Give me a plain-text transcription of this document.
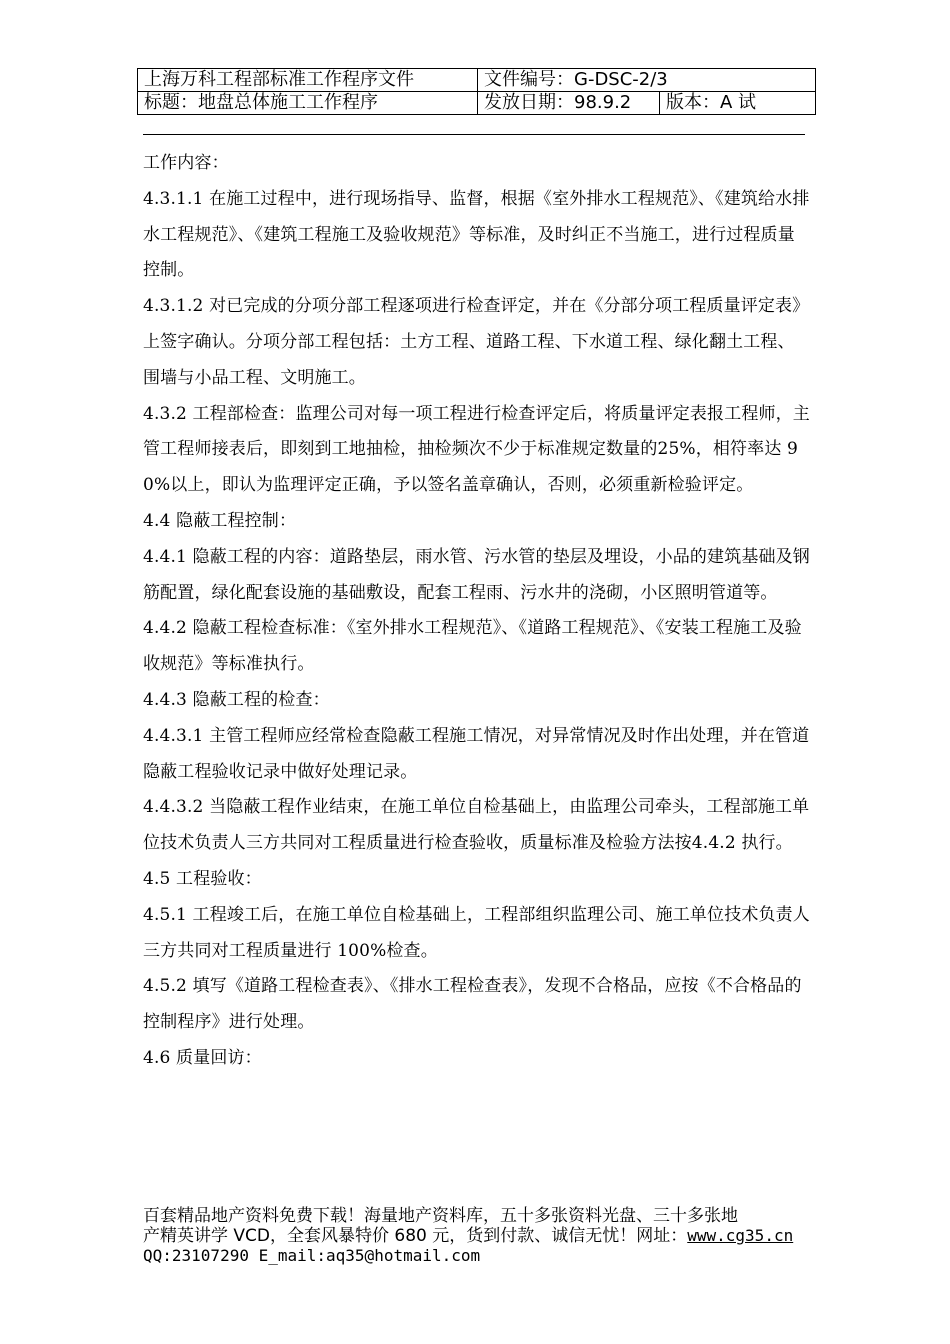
上海万科工程部标准工作程序文件	文件编号：G-DSC-2/3	
标题：地盘总体施工工作程序	发放日期：98.9.2	版本：A 试

工作内容：

4.3.1.1 在施工过程中，进行现场指导、监督，根据《室外排水工程规范》、《建筑给水排水工程规范》、《建筑工程施工及验收规范》等标准，及时纠正不当施工，进行过程质量控制。

4.3.1.2 对已完成的分项分部工程逐项进行检查评定，并在《分部分项工程质量评定表》上签字确认。分项分部工程包括：土方工程、道路工程、下水道工程、绿化翻土工程、围墙与小品工程、文明施工。

4.3.2 工程部检查：监理公司对每一项工程进行检查评定后，将质量评定表报工程师，主管工程师接表后，即刻到工地抽检，抽检频次不少于标准规定数量的25%，相符率达 90%以上，即认为监理评定正确，予以签名盖章确认，否则，必须重新检验评定。

4.4 隐蔽工程控制：

4.4.1 隐蔽工程的内容：道路垫层，雨水管、污水管的垫层及埋设，小品的建筑基础及钢筋配置，绿化配套设施的基础敷设，配套工程雨、污水井的浇砌，小区照明管道等。

4.4.2 隐蔽工程检查标准：《室外排水工程规范》、《道路工程规范》、《安装工程施工及验收规范》等标准执行。

4.4.3 隐蔽工程的检查：

4.4.3.1 主管工程师应经常检查隐蔽工程施工情况，对异常情况及时作出处理，并在管道隐蔽工程验收记录中做好处理记录。

4.4.3.2 当隐蔽工程作业结束，在施工单位自检基础上，由监理公司牵头，工程部施工单位技术负责人三方共同对工程质量进行检查验收，质量标准及检验方法按4.4.2 执行。

4.5 工程验收：

4.5.1 工程竣工后，在施工单位自检基础上，工程部组织监理公司、施工单位技术负责人三方共同对工程质量进行 100%检查。

4.5.2 填写《道路工程检查表》、《排水工程检查表》，发现不合格品，应按《不合格品的控制程序》进行处理。

4.6 质量回访：

百套精品地产资料免费下载！海量地产资料库，五十多张资料光盘、三十多张地
产精英讲学 VCD，全套风暴特价 680 元，货到付款、诚信无忧！网址：www.cg35.cn
QQ:23107290 E_mail:aq35@hotmail.com
